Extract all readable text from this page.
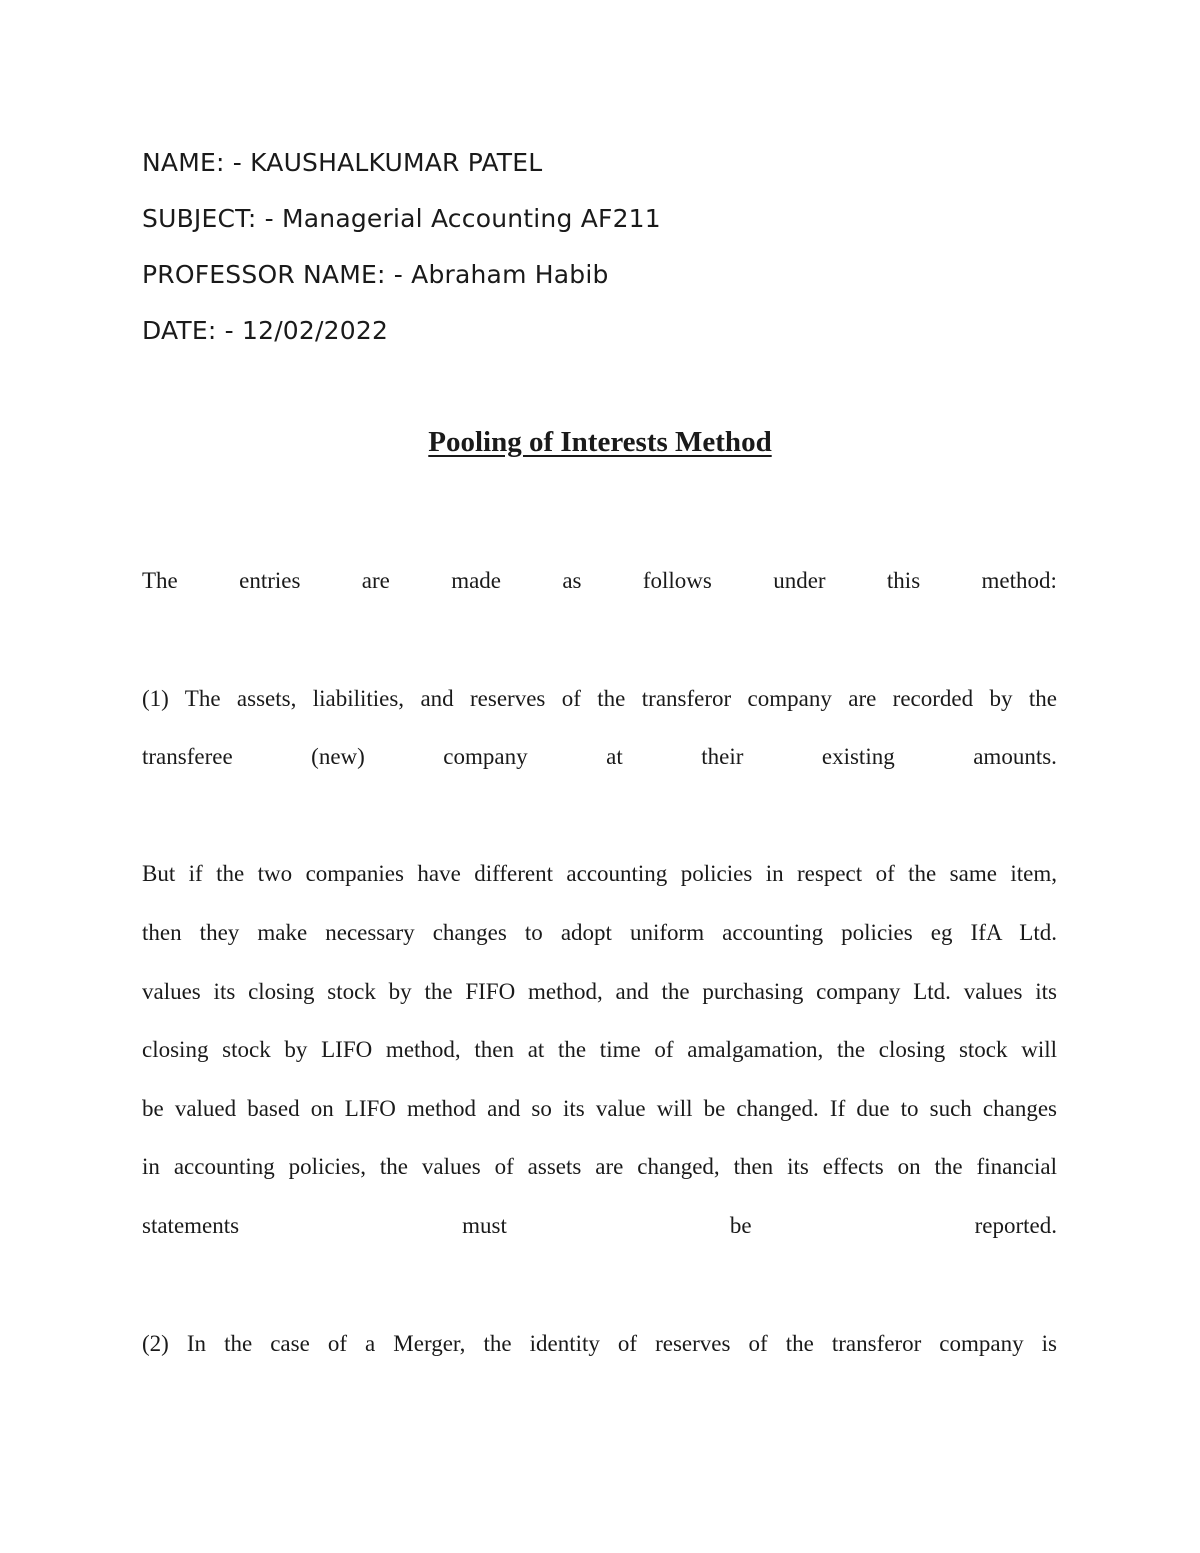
NAME: - KAUSHALKUMAR PATEL
SUBJECT: - Managerial Accounting AF211
PROFESSOR NAME: - Abraham Habib
DATE: - 12/02/2022
Pooling of Interests Method
The	entries	are	made	as	follows	under	this	method:
(1) The assets, liabilities, and reserves of the transferor company are recorded by the
transferee	(new)	company	at	their	existing	amounts.
But if the two companies have different accounting policies in respect of the same item,
then they make necessary changes to adopt uniform accounting policies eg IfA Ltd.
values its closing stock by the FIFO method, and the purchasing company Ltd. values its
closing stock by LIFO method, then at the time of amalgamation, the closing stock will
be valued based on LIFO method and so its value will be changed. If due to such changes
in accounting policies, the values of assets are changed, then its effects on the financial
statements	must	be	reported.
(2) In the case of a Merger, the identity of reserves of the transferor company is
